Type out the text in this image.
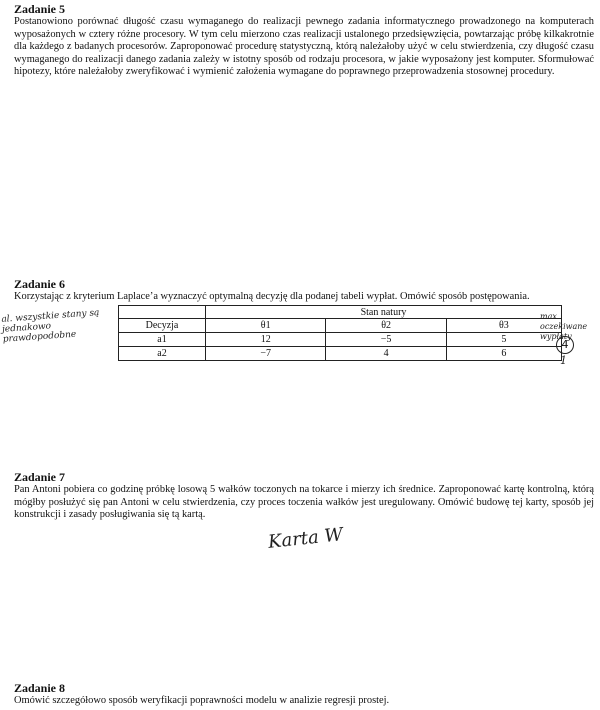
Zadanie 5
Postanowiono porównać długość czasu wymaganego do realizacji pewnego zadania informatycznego prowadzonego na komputerach wyposażonych w cztery różne procesory. W tym celu mierzono czas realizacji ustalonego przedsięwzięcia, powtarzając próbę kilkakrotnie dla każdego z badanych procesorów. Zaproponować procedurę statystyczną, którą należałoby użyć w celu stwierdzenia, czy długość czasu wymaganego do realizacji danego zadania zależy w istotny sposób od rodzaju procesora, w jakie wyposażony jest komputer. Sformułować hipotezy, które należałoby zweryfikować i wymienić założenia wymagane do poprawnego przeprowadzenia stosownej procedury.
Zadanie 6
Korzystając z kryterium Laplace’a wyznaczyć optymalną decyzję dla podanej tabeli wypłat. Omówić sposób postępowania.
	Stan natury		
Decyzja	θ1	θ2	θ3
a1	12	−5	5
a2	−7	4	6
al. wszystkie stany są jednakowo prawdopodobne
max oczekiwane wypłaty
4
1
Zadanie 7
Pan Antoni pobiera co godzinę próbkę losową 5 wałków toczonych na tokarce i mierzy ich średnice. Zaproponować kartę kontrolną, którą mógłby posłużyć się pan Antoni w celu stwierdzenia, czy proces toczenia wałków jest uregulowany. Omówić budowę tej karty, sposób jej konstrukcji i zasady posługiwania się tą kartą.
Karta W
Zadanie 8
Omówić szczegółowo sposób weryfikacji poprawności modelu w analizie regresji prostej.
